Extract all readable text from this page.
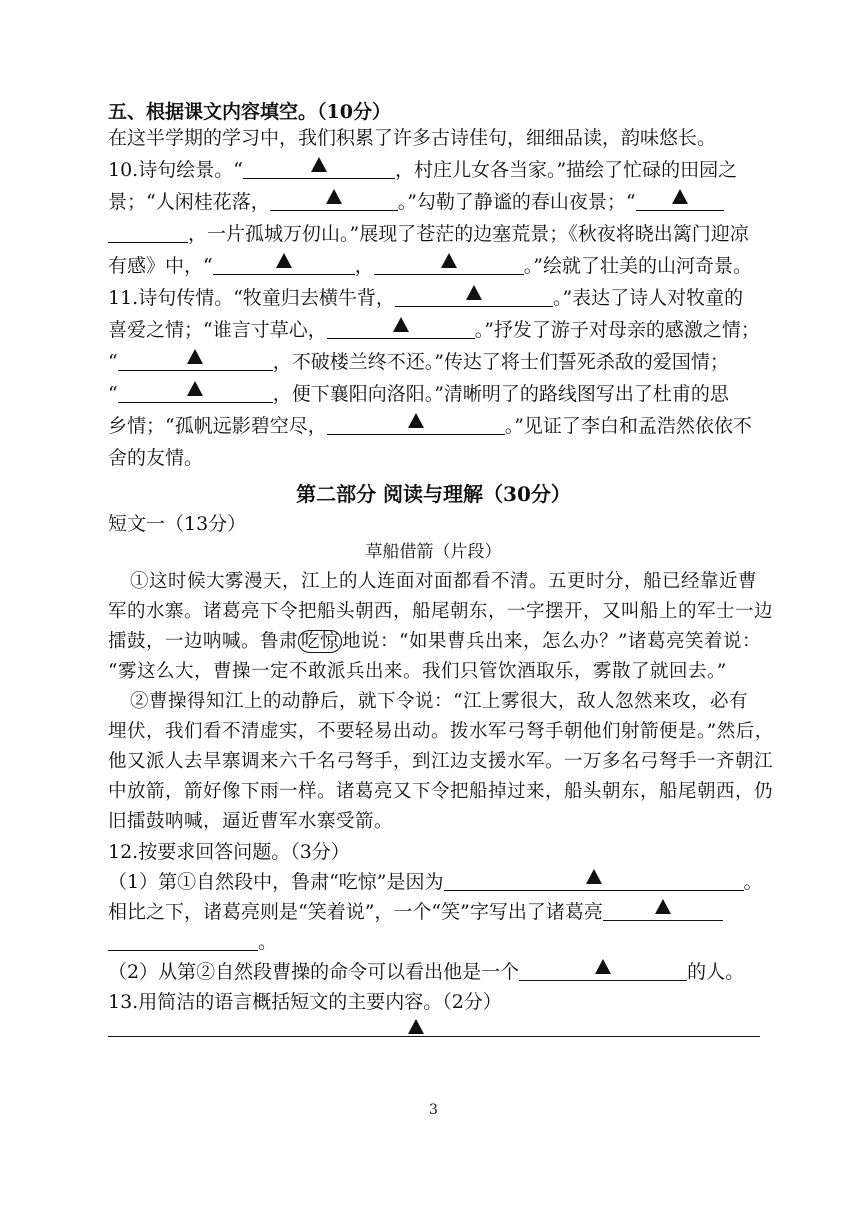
五、根据课文内容填空。（10分）
在这半学期的学习中，我们积累了许多古诗佳句，细细品读，韵味悠长。
10.诗句绘景。“	，村庄儿女各当家。”描绘了忙碌的田园之
景；“人闲桂花落，	。”勾勒了静谧的春山夜景；“
，一片孤城万仞山。”展现了苍茫的边塞荒景；《秋夜将晓出篱门迎凉
有感》中，“	，	。”绘就了壮美的山河奇景。
11.诗句传情。“牧童归去横牛背，	。”表达了诗人对牧童的
喜爱之情；“谁言寸草心，	。”抒发了游子对母亲的感激之情；
“	，不破楼兰终不还。”传达了将士们誓死杀敌的爱国情；
“	，便下襄阳向洛阳。”清晰明了的路线图写出了杜甫的思
乡情；“孤帆远影碧空尽，	。”见证了李白和孟浩然依依不
舍的友情。
第二部分 阅读与理解（30分）
短文一（13分）
草船借箭（片段）
①这时候大雾漫天，江上的人连面对面都看不清。五更时分，船已经靠近曹
军的水寨。诸葛亮下令把船头朝西，船尾朝东，一字摆开，又叫船上的军士一边
擂鼓，一边呐喊。鲁肃 吃惊 地说：“如果曹兵出来，怎么办？”诸葛亮笑着说：
“雾这么大，曹操一定不敢派兵出来。我们只管饮酒取乐，雾散了就回去。”
②曹操得知江上的动静后，就下令说：“江上雾很大，敌人忽然来攻，必有
埋伏，我们看不清虚实，不要轻易出动。拨水军弓弩手朝他们射箭便是。”然后，
他又派人去旱寨调来六千名弓弩手，到江边支援水军。一万多名弓弩手一齐朝江
中放箭，箭好像下雨一样。诸葛亮又下令把船掉过来，船头朝东，船尾朝西，仍
旧擂鼓呐喊，逼近曹军水寨受箭。
12.按要求回答问题。（3分）
（1）第①自然段中，鲁肃“吃惊”是因为	。
相比之下，诸葛亮则是“笑着说”，一个“笑”字写出了诸葛亮
。
（2）从第②自然段曹操的命令可以看出他是一个	的人。
13.用简洁的语言概括短文的主要内容。（2分）
3
